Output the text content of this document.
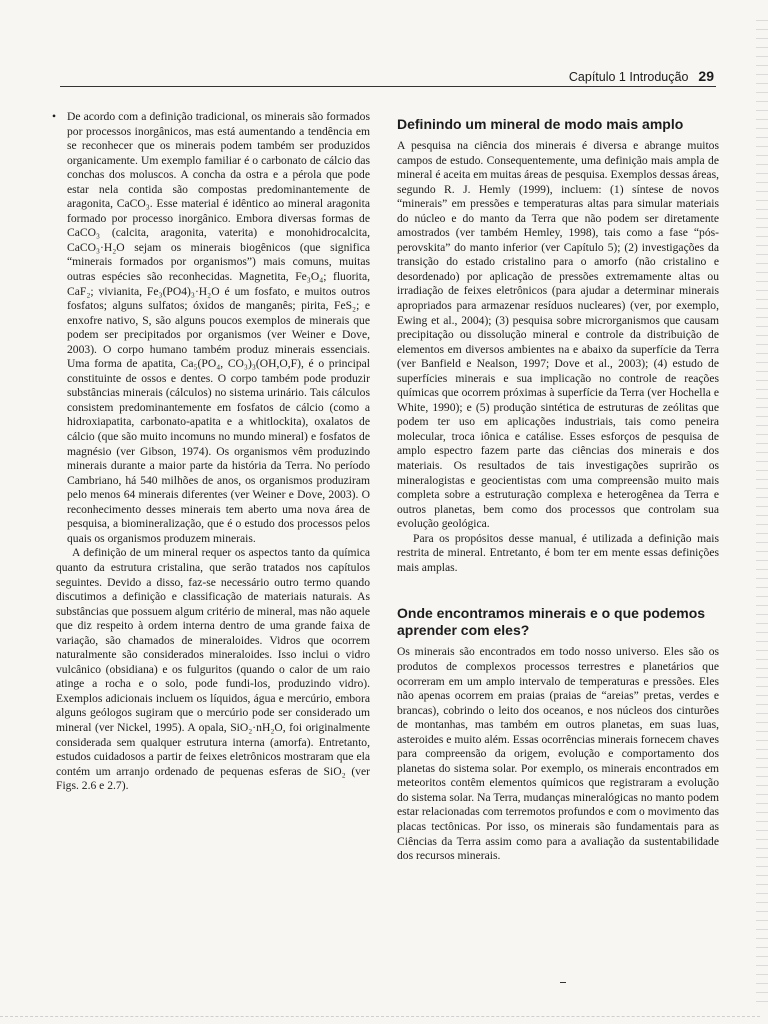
Capítulo 1 Introdução 29

• De acordo com a definição tradicional, os minerais são formados por processos inorgânicos, mas está aumentando a tendência em se reconhecer que os minerais podem também ser produzidos organicamente. Um exemplo familiar é o carbonato de cálcio das conchas dos moluscos. A concha da ostra e a pérola que pode estar nela contida são compostas predominantemente de aragonita, CaCO₃. Esse material é idêntico ao mineral aragonita formado por processo inorgânico. Embora diversas formas de CaCO₃ (calcita, aragonita, vaterita) e monohidrocalcita, CaCO₃·H₂O sejam os minerais biogênicos (que significa “minerais formados por organismos”) mais comuns, muitas outras espécies são reconhecidas. Magnetita, Fe₃O₄; fluorita, CaF₂; vivianita, Fe₃(PO4)₃·H₂O é um fosfato, e muitos outros fosfatos; alguns sulfatos; óxidos de manganês; pirita, FeS₂; e enxofre nativo, S, são alguns poucos exemplos de minerais que podem ser precipitados por organismos (ver Weiner e Dove, 2003). O corpo humano também produz minerais essenciais. Uma forma de apatita, Ca₅(PO₄, CO₃)₃(OH,O,F), é o principal constituinte de ossos e dentes. O corpo também pode produzir substâncias minerais (cálculos) no sistema urinário. Tais cálculos consistem predominantemente em fosfatos de cálcio (como a hidroxiapatita, carbonato-apatita e a whitlockita), oxalatos de cálcio (que são muito incomuns no mundo mineral) e fosfatos de magnésio (ver Gibson, 1974). Os organismos vêm produzindo minerais durante a maior parte da história da Terra. No período Cambriano, há 540 milhões de anos, os organismos produziram pelo menos 64 minerais diferentes (ver Weiner e Dove, 2003). O reconhecimento desses minerais tem aberto uma nova área de pesquisa, a biomineralização, que é o estudo dos processos pelos quais os organismos produzem minerais.

A definição de um mineral requer os aspectos tanto da química quanto da estrutura cristalina, que serão tratados nos capítulos seguintes. Devido a disso, faz-se necessário outro termo quando discutimos a definição e classificação de materiais naturais. As substâncias que possuem algum critério de mineral, mas não aquele que diz respeito à ordem interna dentro de uma grande faixa de variação, são chamados de mineraloides. Vidros que ocorrem naturalmente são considerados mineraloides. Isso inclui o vidro vulcânico (obsidiana) e os fulguritos (quando o calor de um raio atinge a rocha e o solo, pode fundi-los, produzindo vidro). Exemplos adicionais incluem os líquidos, água e mercúrio, embora alguns geólogos sugiram que o mercúrio pode ser considerado um mineral (ver Nickel, 1995). A opala, SiO₂·nH₂O, foi originalmente considerada sem qualquer estrutura interna (amorfa). Entretanto, estudos cuidadosos a partir de feixes eletrônicos mostraram que ela contém um arranjo ordenado de pequenas esferas de SiO₂ (ver Figs. 2.6 e 2.7).

Definindo um mineral de modo mais amplo

A pesquisa na ciência dos minerais é diversa e abrange muitos campos de estudo. Consequentemente, uma definição mais ampla de mineral é aceita em muitas áreas de pesquisa. Exemplos dessas áreas, segundo R. J. Hemly (1999), incluem: (1) síntese de novos “minerais” em pressões e temperaturas altas para simular materiais do núcleo e do manto da Terra que não podem ser diretamente amostrados (ver também Hemley, 1998), tais como a fase “pós-perovskita” do manto inferior (ver Capítulo 5); (2) investigações da transição do estado cristalino para o amorfo (não cristalino e desordenado) por aplicação de pressões extremamente altas ou irradiação de feixes eletrônicos (para ajudar a determinar minerais apropriados para armazenar resíduos nucleares) (ver, por exemplo, Ewing et al., 2004); (3) pesquisa sobre microrganismos que causam precipitação ou dissolução mineral e controle da distribuição de elementos em diversos ambientes na e abaixo da superfície da Terra (ver Banfield e Nealson, 1997; Dove et al., 2003); (4) estudo de superfícies minerais e sua implicação no controle de reações químicas que ocorrem próximas à superfície da Terra (ver Hochella e White, 1990); e (5) produção sintética de estruturas de zeólitas que podem ter uso em aplicações industriais, tais como peneira molecular, troca iônica e catálise. Esses esforços de pesquisa de amplo espectro fazem parte das ciências dos minerais e dos materiais. Os resultados de tais investigações suprirão os mineralogistas e geocientistas com uma compreensão muito mais completa sobre a estruturação complexa e heterogênea da Terra e outros planetas, bem como dos processos que controlam sua evolução geológica.

Para os propósitos desse manual, é utilizada a definição mais restrita de mineral. Entretanto, é bom ter em mente essas definições mais amplas.

Onde encontramos minerais e o que podemos aprender com eles?

Os minerais são encontrados em todo nosso universo. Eles são os produtos de complexos processos terrestres e planetários que ocorreram em um amplo intervalo de temperaturas e pressões. Eles não apenas ocorrem em praias (praias de “areias” pretas, verdes e brancas), cobrindo o leito dos oceanos, e nos núcleos dos cinturões de montanhas, mas também em outros planetas, em suas luas, asteroides e muito além. Essas ocorrências minerais fornecem chaves para compreensão da origem, evolução e comportamento dos planetas do sistema solar. Por exemplo, os minerais encontrados em meteoritos contêm elementos químicos que registraram a evolução do sistema solar. Na Terra, mudanças mineralógicas no manto podem estar relacionadas com terremotos profundos e com o movimento das placas tectônicas. Por isso, os minerais são fundamentais para as Ciências da Terra assim como para a avaliação da sustentabilidade dos recursos minerais.
